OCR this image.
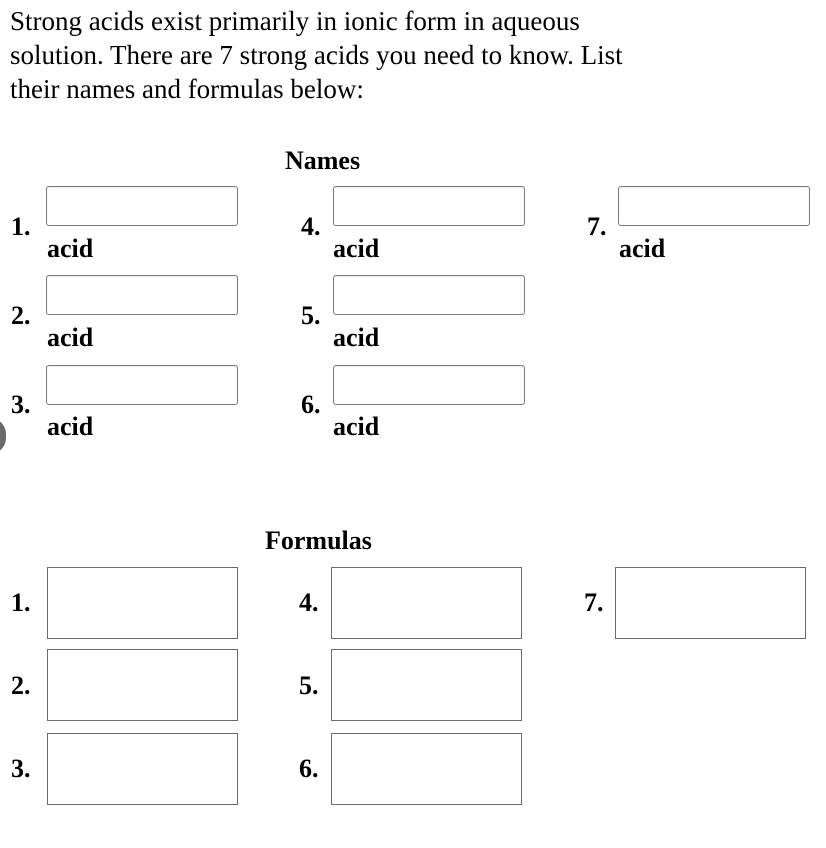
Strong acids exist primarily in ionic form in aqueous
solution. There are 7 strong acids you need to know. List
their names and formulas below:

Names
1.
acid
2.
acid
3.
acid
4.
acid
5.
acid
6.
acid
7.
acid
Formulas
1.
2.
3.
4.
5.
6.
7.
